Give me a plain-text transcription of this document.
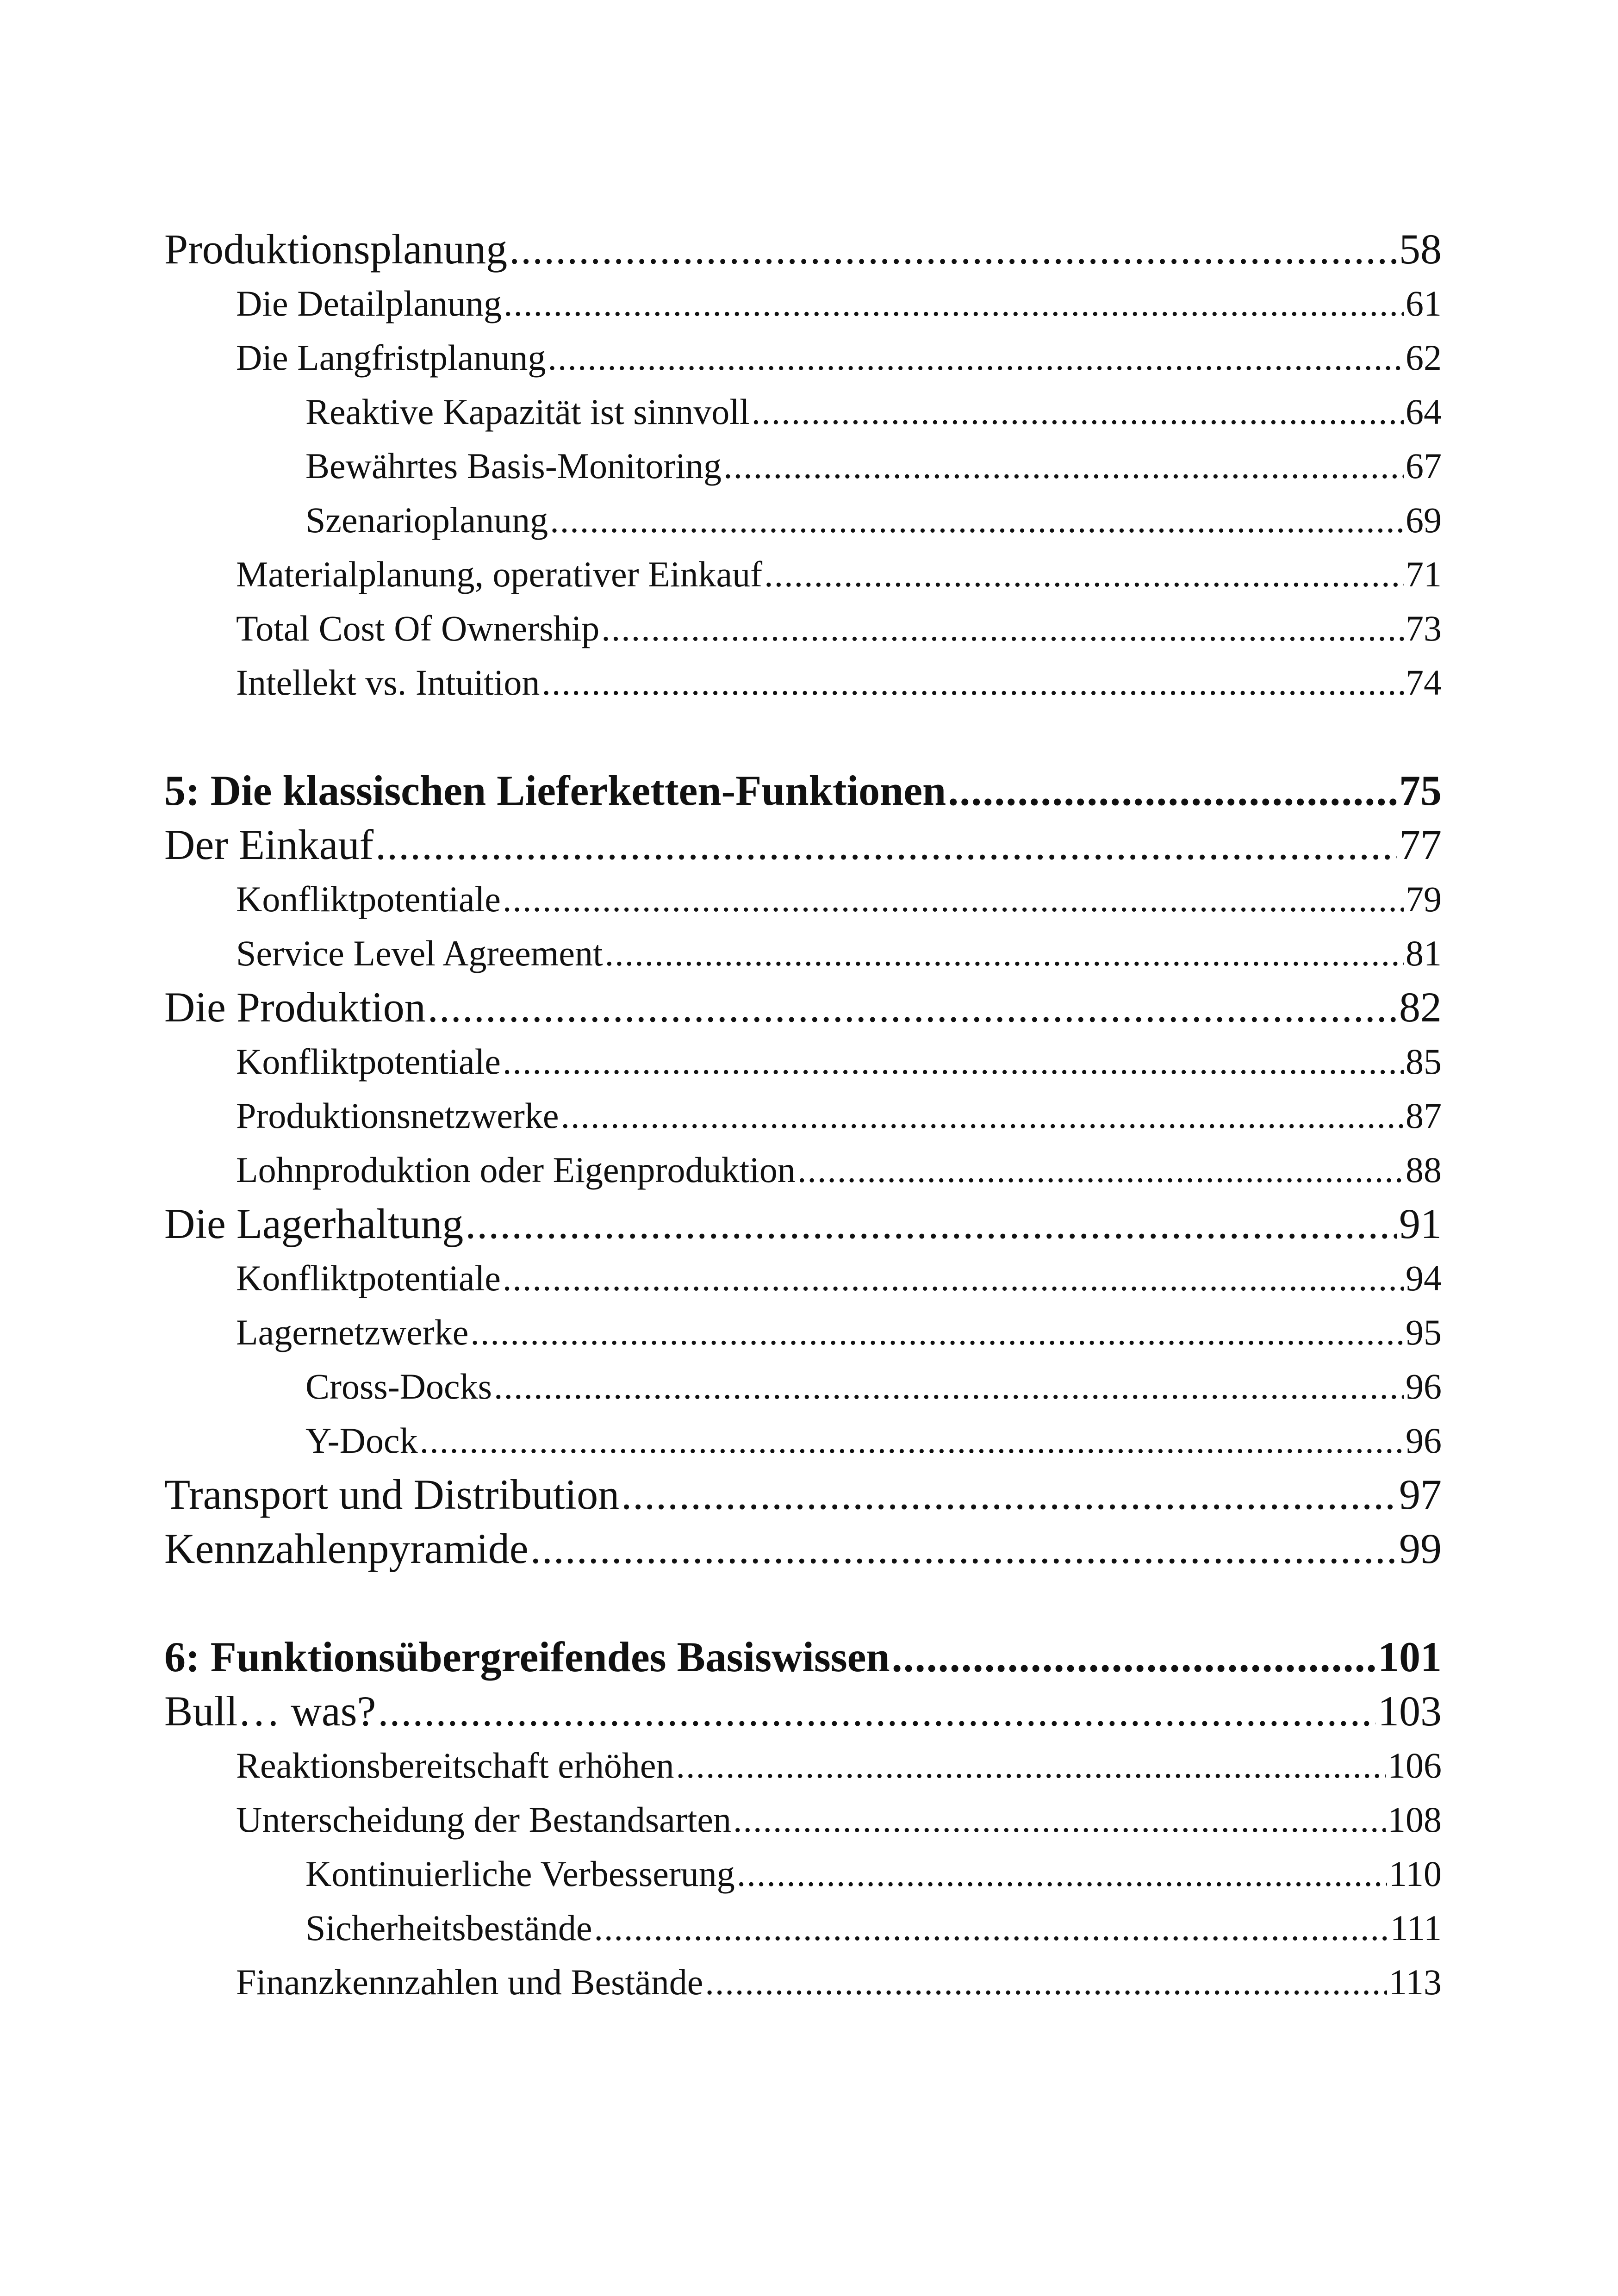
Produktionsplanung .....	58
Die Detailplanung .....	61
Die Langfristplanung .....	62
Reaktive Kapazität ist sinnvoll .....	64
Bewährtes Basis-Monitoring .....	67
Szenarioplanung .....	69
Materialplanung, operativer Einkauf .....	71
Total Cost Of Ownership .....	73
Intellekt vs. Intuition .....	74
5: Die klassischen Lieferketten-Funktionen .....	75
Der Einkauf .....	77
Konfliktpotentiale .....	79
Service Level Agreement .....	81
Die Produktion .....	82
Konfliktpotentiale .....	85
Produktionsnetzwerke .....	87
Lohnproduktion oder Eigenproduktion .....	88
Die Lagerhaltung .....	91
Konfliktpotentiale .....	94
Lagernetzwerke .....	95
Cross-Docks .....	96
Y-Dock .....	96
Transport und Distribution .....	97
Kennzahlenpyramide .....	99
6: Funktionsübergreifendes Basiswissen .....	101
Bull… was? .....	103
Reaktionsbereitschaft erhöhen .....	106
Unterscheidung der Bestandsarten .....	108
Kontinuierliche Verbesserung .....	110
Sicherheitsbestände .....	111
Finanzkennzahlen und Bestände .....	113
